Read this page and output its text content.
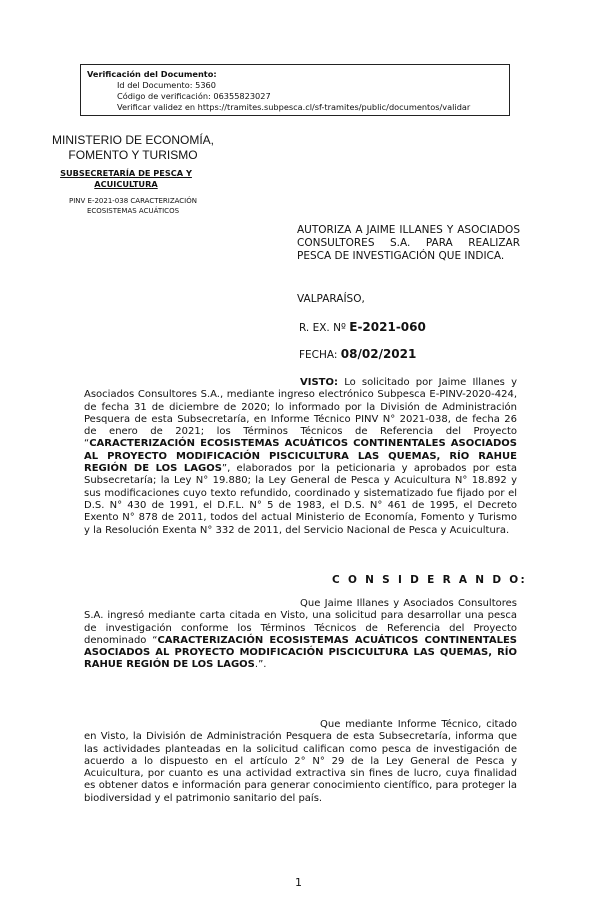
Verificación del Documento:
• Id del Documento: 5360
• Código de verificación: 06355823027
• Verificar validez en https://tramites.subpesca.cl/sf-tramites/public/documentos/validar
MINISTERIO DE ECONOMÍA,
FOMENTO Y TURISMO
SUBSECRETARÍA DE PESCA Y
ACUICULTURA
PINV E-2021-038 CARACTERIZACIÓN
ECOSISTEMAS ACUÁTICOS
AUTORIZA A JAIME ILLANES Y ASOCIADOS CONSULTORES S.A. PARA REALIZAR PESCA DE INVESTIGACIÓN QUE INDICA.
VALPARAÍSO,
R. EX. Nº E-2021-060
FECHA: 08/02/2021
VISTO: Lo solicitado por Jaime Illanes y Asociados Consultores S.A., mediante ingreso electrónico Subpesca E-PINV-2020-424, de fecha 31 de diciembre de 2020; lo informado por la División de Administración Pesquera de esta Subsecretaría, en Informe Técnico PINV N° 2021-038, de fecha 26 de enero de 2021; los Términos Técnicos de Referencia del Proyecto “CARACTERIZACIÓN ECOSISTEMAS ACUÁTICOS CONTINENTALES ASOCIADOS AL PROYECTO MODIFICACIÓN PISCICULTURA LAS QUEMAS, RÍO RAHUE REGIÓN DE LOS LAGOS”, elaborados por la peticionaria y aprobados por esta Subsecretaría; la Ley N° 19.880; la Ley General de Pesca y Acuicultura N° 18.892 y sus modificaciones cuyo texto refundido, coordinado y sistematizado fue fijado por el D.S. N° 430 de 1991, el D.F.L. N° 5 de 1983, el D.S. N° 461 de 1995, el Decreto Exento N° 878 de 2011, todos del actual Ministerio de Economía, Fomento y Turismo y la Resolución Exenta N° 332 de 2011, del Servicio Nacional de Pesca y Acuicultura.
C O N S I D E R A N D O:
Que Jaime Illanes y Asociados Consultores S.A. ingresó mediante carta citada en Visto, una solicitud para desarrollar una pesca de investigación conforme los Términos Técnicos de Referencia del Proyecto denominado “CARACTERIZACIÓN ECOSISTEMAS ACUÁTICOS CONTINENTALES ASOCIADOS AL PROYECTO MODIFICACIÓN PISCICULTURA LAS QUEMAS, RÍO RAHUE REGIÓN DE LOS LAGOS.”.
Que mediante Informe Técnico, citado en Visto, la División de Administración Pesquera de esta Subsecretaría, informa que las actividades planteadas en la solicitud califican como pesca de investigación de acuerdo a lo dispuesto en el artículo 2° N° 29 de la Ley General de Pesca y Acuicultura, por cuanto es una actividad extractiva sin fines de lucro, cuya finalidad es obtener datos e información para generar conocimiento científico, para proteger la biodiversidad y el patrimonio sanitario del país.
1
